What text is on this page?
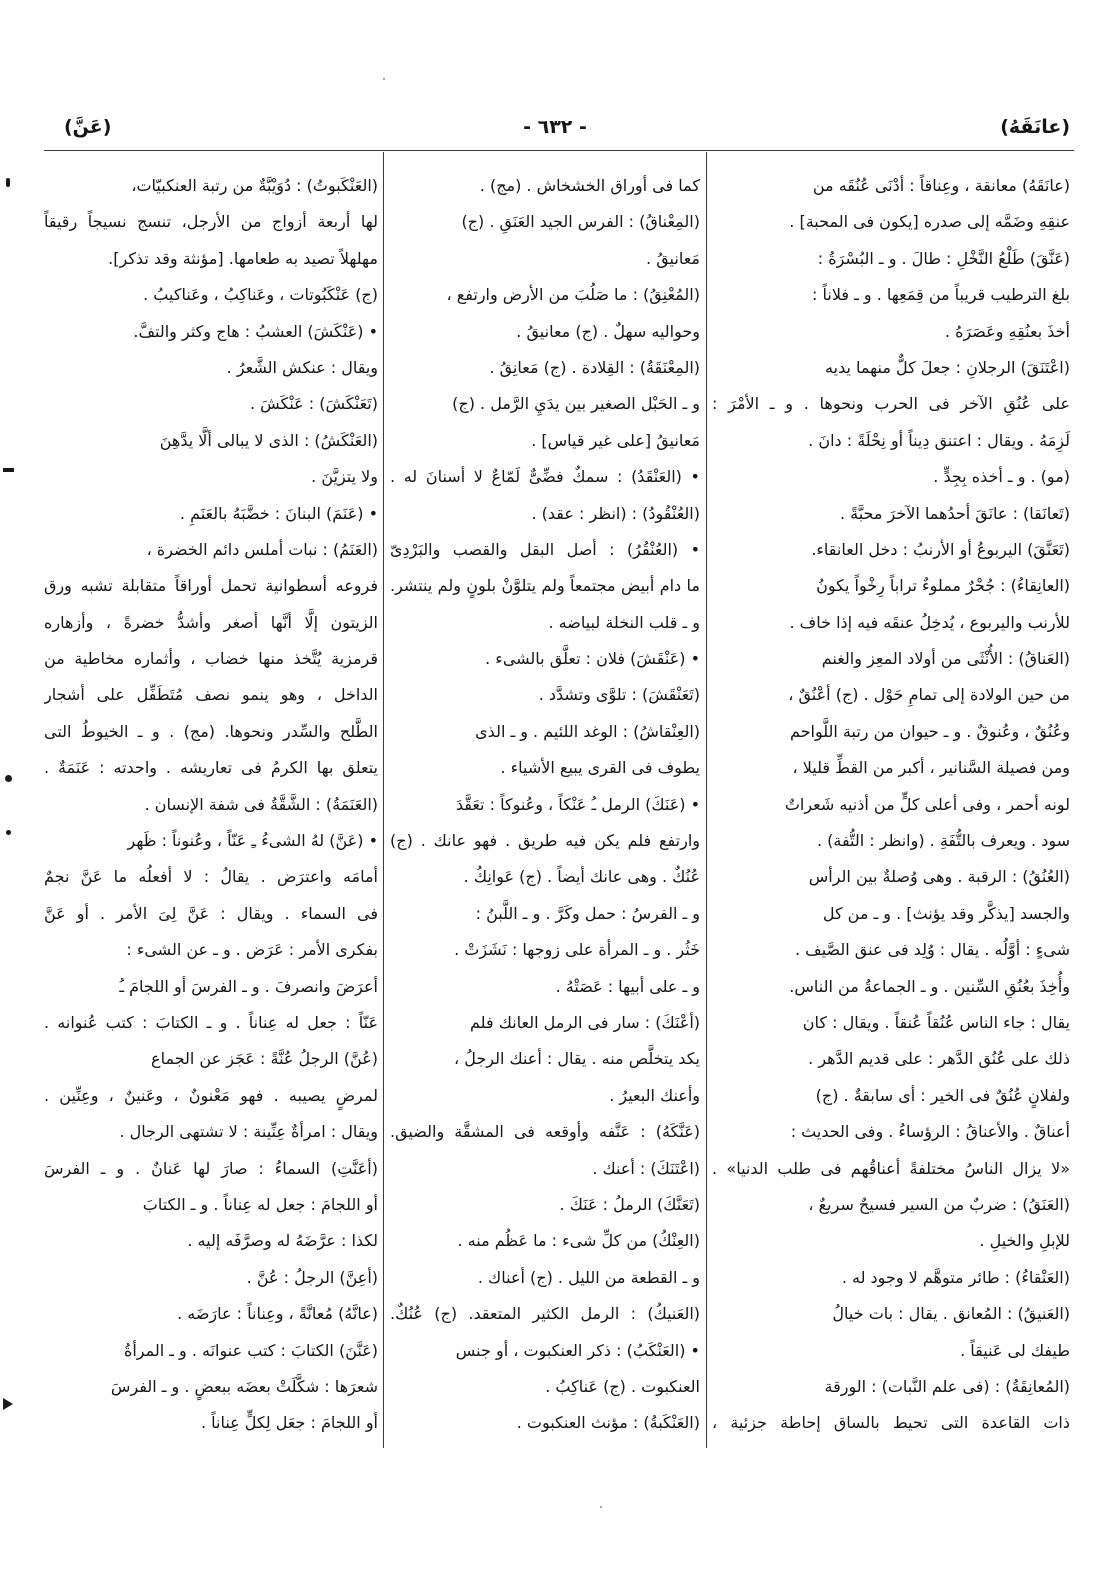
(عانَقَهُ)
- ٦٣٢ -
(عَنَّ)
(عانَقَهُ) معانقة ، وعِناقاً : أدْنَى عُنُقَه من
عنقِهِ وضَمَّه إلى صدره [يكون فى المحبة] .
(عَنَّقَ) طَلْعُ النَّخْلِ : طالَ . و ـ البُسْرَةُ :
بلغ الترطيب قريباً من قِمَعِها . و ـ فلاناً :
أخذَ بعنُقِهِ وعَصَرَهُ .
(اعْتَنَقَ) الرجلانِ : جعلَ كلٌّ منهما يديه
على عُنُقِ الآخر فى الحرب ونحوها . و ـ الأمْرَ :
لَزِمَهُ . ويقال : اعتنق دِيناً أو نِحْلَةً : دانَ .
(مو) . و ـ أخذه بِجِدٍّ .
(تَعانَقا) : عانَقَ أحدُهما الآخرَ محبَّةً .
(تَعَنَّقَ) اليربوعُ أو الأرنبُ : دخل العانقاء.
(العانِقاءُ) : جُحْرٌ مملوءٌ تراباً رِخْواً يكونُ
للأرنب واليربوع ، يُدخِلُ عنقَه فيه إذا خاف .
(العَناقُ) : الأُنْثَى من أولاد المعِز والغنم
من حين الولادة إلى تمامِ حَوْل . (ج) أعْنُقٌ ،
وعُنُقٌ ، وعُنوقٌ . و ـ حيوان من رتبة اللَّواحم
ومن فصيلة السَّنانير ، أكبر من القطِّ قليلا ،
لونه أحمر ، وفى أعلى كلٍّ من أذنيه شَعراتٌ
سود . ويعرف بالتُّفَةِ . (وانظر : التُّفة) .
(العُنُقُ) : الرقبة . وهى وُصلةٌ بين الرأس
والجسد [يذكَّر وقد يؤنث] . و ـ من كل
شىءٍ : أوَّلُه . يقال : وُلِد فى عنق الصَّيف .
وأُخِذَ بعُنُقِ السِّنين . و ـ الجماعةُ من الناس.
يقال : جاء الناس عُنُقاً عُنقاً . ويقال : كان
ذلك على عُنُق الدَّهر : على قديم الدَّهر .
ولفلانٍ عُنُقٌ فى الخير : أى سابقةٌ . (ج)
أعناقٌ . والأعناقُ : الرؤساءُ . وفى الحديث :
«لا يزال الناسُ مختلفةً أعناقُهم فى طلب الدنيا» .
(العَنَقُ) : ضربٌ من السير فسيحٌ سريعٌ ،
للإبلِ والخيلِ .
(العَنْقاءُ) : طائر متوهَّم لا وجود له .
(العَنيقُ) : المُعانق . يقال : بات خيالُ
طيفك لى عَنيقاً .
(المُعانِقَةُ) : (فى علم النَّبات) : الورقة
ذات القاعدة التى تحيط بالساق إحاطة جزئية ،
كما فى أوراق الخشخاش . (مج) .
(المِعْناقُ) : الفرس الجيد العَنَقِ . (ج)
مَعانيقُ .
(المُعْنِقُ) : ما صَلُبَ من الأرض وارتفع ،
وحواليه سهلٌ . (ج) معانيقُ .
(المِعْنَقَةُ) : القِلادة . (ج) مَعانِقُ .
و ـ الحَبْل الصغير بين يدَيِ الرَّمل . (ج)
مَعانيقُ [على غير قياس] .
• (العَنْقَدُ) : سمكٌ فضِّىٌّ لَمّاعٌ لا أسنانَ له .
(العُنْقُودُ) : (انظر : عقد) .
• (العُنْقُرُ) : أصل البقل والقصب والبَرْدِىّ
ما دام أبيض مجتمعاً ولم يتلوَّنْ بلونٍ ولم ينتشر.
و ـ قلب النخلة لبياضه .
• (عَنْقَشَ) فلان : تعلَّق بالشىء .
(تَعَنْقَشَ) : تلوَّى وتشدَّد .
(العِنْقاشُ) : الوغد اللئيم . و ـ الذى
يطوف فى القرى يبيع الأشياء .
• (عَنَكَ) الرمل ـُ عَنْكاً ، وعُنوكاً : تعَقَّدَ
وارتفع فلم يكن فيه طريق . فهو عانك . (ج)
عُنُكٌ . وهى عانك أيضاً . (ج) عَوانِكُ .
و ـ الفرسُ : حمل وكَرَّ . و ـ اللَّبنُ :
خَثُر . و ـ المرأة على زوجها : نَشَزَتْ .
و ـ على أبيها : عَصَتْهُ .
(أعْنَكَ) : سار فى الرمل العانك فلم
يكد يتخلَّص منه . يقال : أعنك الرجلُ ،
وأعنك البعيرُ .
(عَنَّكَهُ) : عَنَّفه وأوقعه فى المشقَّة والضيق.
(اعْتَنَكَ) : أعنك .
(تَعَنَّكَ) الرملُ : عَنَكَ .
(العِنْكُ) من كلِّ شىء : ما عَظُم منه .
و ـ القطعة من الليل . (ج) أعناك .
(العَنيكُ) : الرمل الكثير المتعقد. (ج) عُنُكٌ.
• (العَنْكَبُ) : ذكر العنكبوت ، أو جنس
العنكبوت . (ج) عَناكِبُ .
(العَنْكَبةُ) : مؤنث العنكبوت .
(العَنْكَبوتُ) : دُوَيْبَّةٌ من رتبة العنكبيّات،
لها أربعة أزواج من الأرجل، تنسج نسيجاً رقيقاً
مهلهلاً تصيد به طعامها. [مؤنثة وقد تذكر].
(ج) عَنْكَبُوتات ، وعَناكِبُ ، وعَناكيبُ .
• (عَنْكَشَ) العشبُ : هاج وكثر والتفَّ.
ويقال : عنكش الشَّعرُ .
(تَعَنْكَشَ) : عَنْكَشَ .
(العَنْكَشُ) : الذى لا يبالى ألَّا يدَّهِنَ
ولا يتزيَّنَ .
• (عَنَمَ) البنانَ : خضَّبَهُ بالعَنَمِ .
(العَنَمُ) : نبات أملس دائم الخضرة ،
فروعه أسطوانية تحمل أوراقاً متقابلة تشبه ورق
الزيتون إلَّا أنَّها أصغر وأشدُّ خضرةً ، وأزهاره
قرمزية يُتَّخذ منها خضاب ، وأثماره مخاطية من
الداخل ، وهو ينمو نصف مُتَطَفِّل على أشجار
الطَّلح والسِّدر ونحوها. (مج) . و ـ الخيوطُ التى
يتعلق بها الكرمُ فى تعاريشه . واحدته : عَنَمَةٌ .
(العَنَمَةُ) : الشَّقَّةُ فى شفة الإنسان .
• (عَنَّ) لهُ الشىءُ ـِ عَنّاً ، وعُنوناً : ظَهر
أمامَه واعترَض . يقالُ : لا أفعلُه ما عَنَّ نجمٌ
فى السماء . ويقال : عَنَّ لِىَ الأمر . أو عَنَّ
بفكرى الأمر : عَرَض . و ـ عن الشىء :
أعرَضَ وانصرفَ . و ـ الفرسَ أو اللجامَ ـُ
عَنّاً : جعل له عِناناً . و ـ الكتابَ : كتب عُنوانه .
(عُنَّ) الرجلُ عُنَّةً : عَجَز عن الجماع
لمرضٍ يصيبه . فهو مَعْنونٌ ، وعَنينٌ ، وعِنِّين .
ويقال : امرأةٌ عِنِّينة : لا تشتهى الرجال .
(أعَنَّتِ) السماءُ : صارَ لها عَنانٌ . و ـ الفرسَ
أو اللجامَ : جعل له عِناناً . و ـ الكتابَ
لكذا : عرَّضَهُ له وصرَّفَه إليه .
(أعِنَّ) الرجلُ : عُنَّ .
(عانَّهُ) مُعانَّةً ، وعِناناً : عارَضَه .
(عَنَّنَ) الكتابَ : كتب عنوانَه . و ـ المرأةُ
شعرَها : شكَّلَتْ بعضَه ببعضٍ . و ـ الفرسَ
أو اللجامَ : جعَل لِكلٍّ عِناناً .
